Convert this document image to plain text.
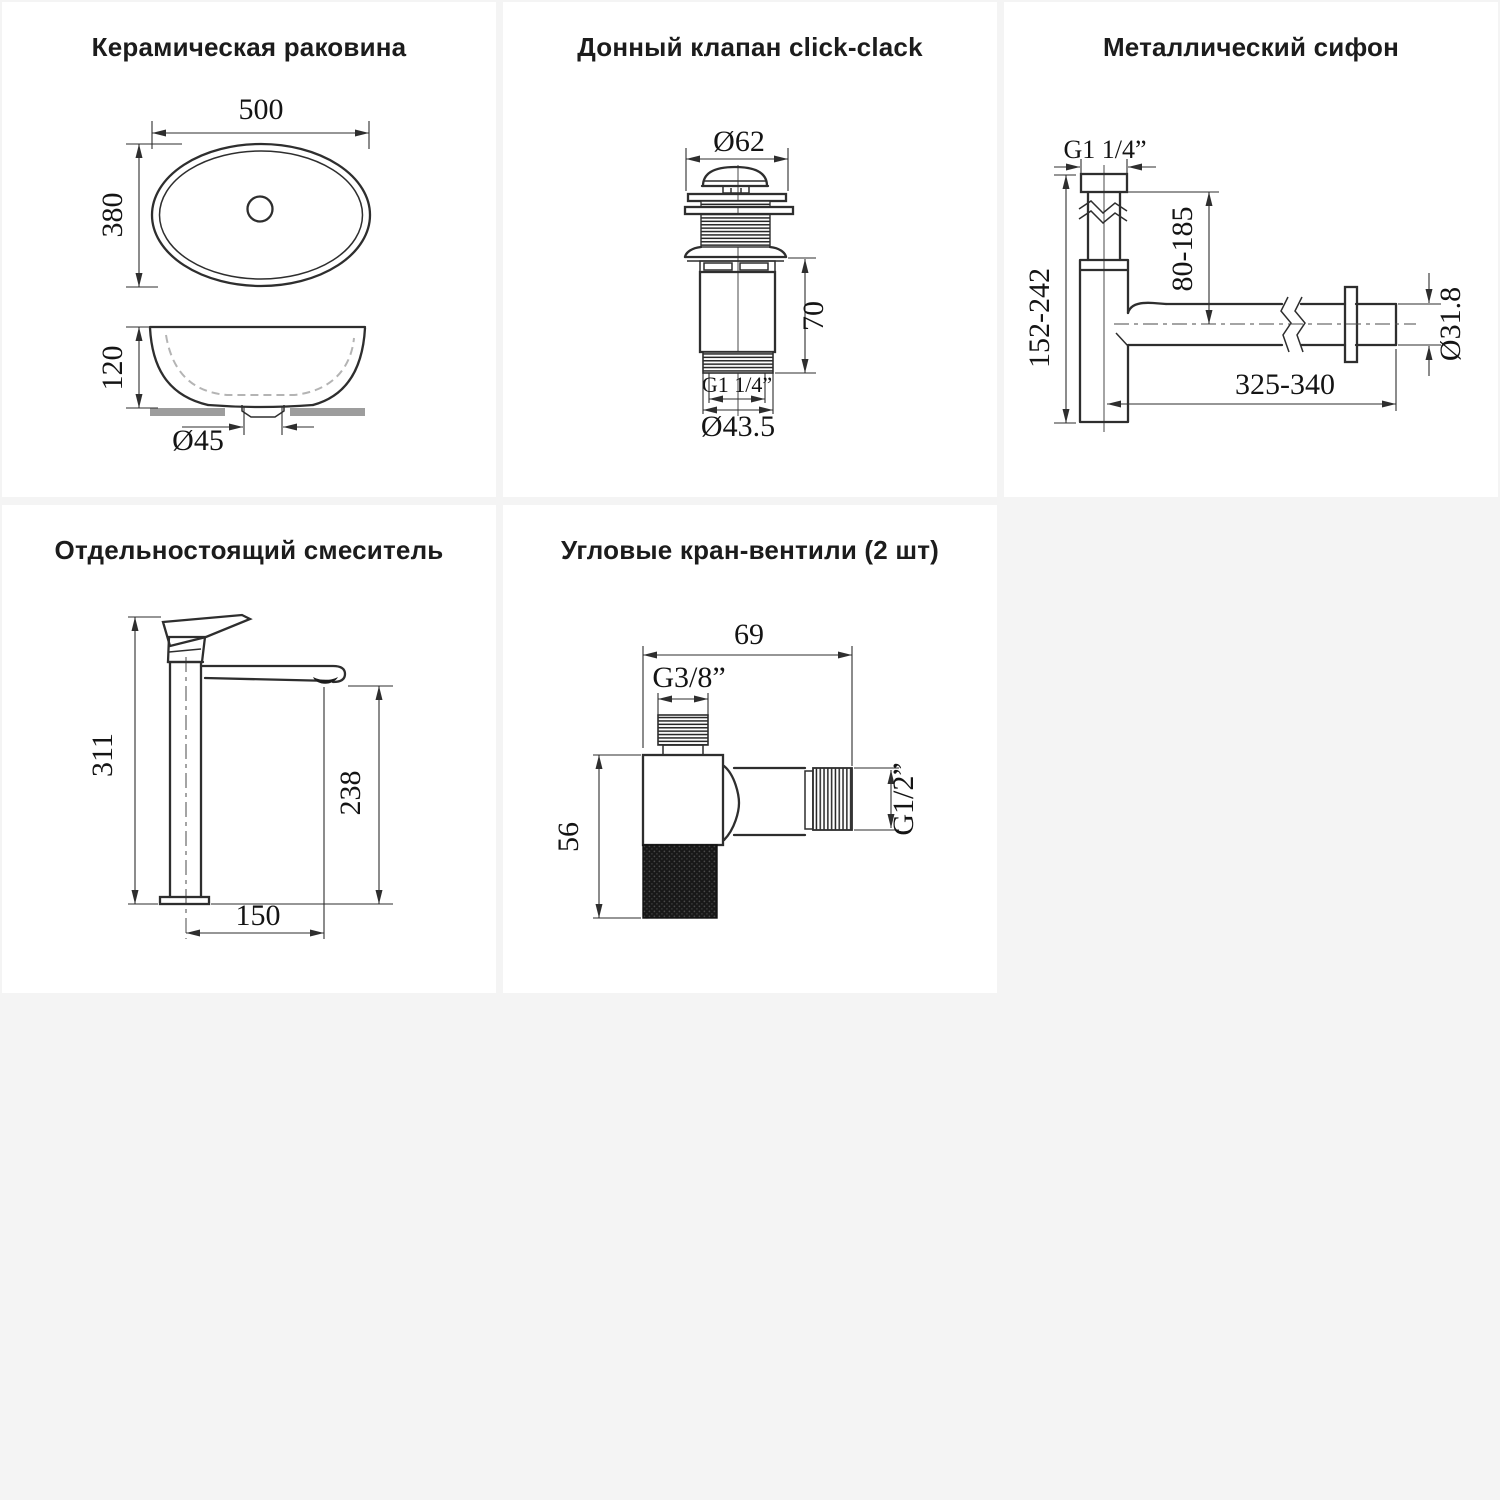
Керамическая раковина
500
380
120
Ø45
Донный клапан click-clack
Ø62
70
G1 1/4”
Ø43.5
Металлический сифон
G1 1/4”
80-185
152-242	Ø31.8
325-340
Отдельностоящий смеситель
311
238
150
Угловые кран-вентили (2 шт)
69
G3/8”
56
G1/2”
